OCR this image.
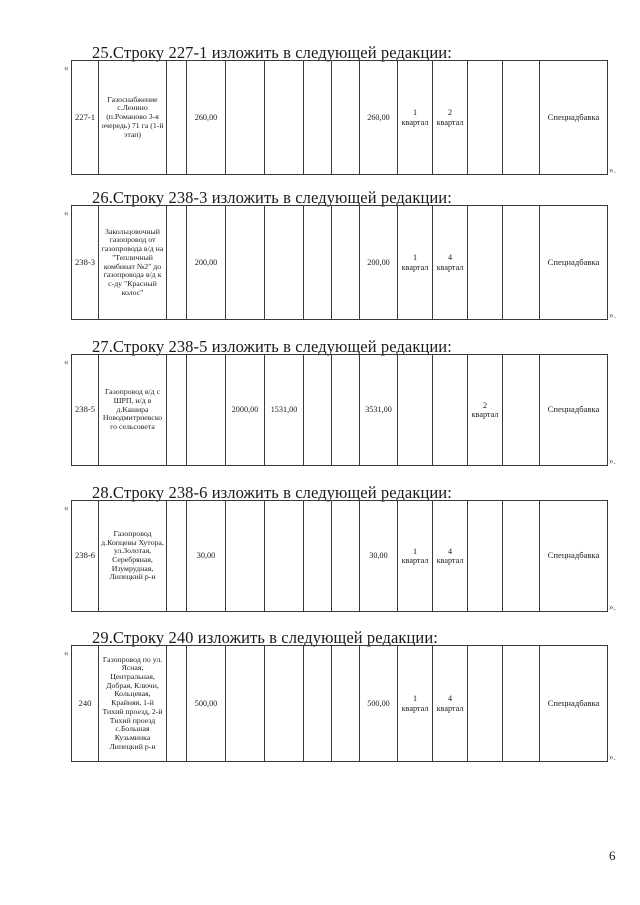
25.Строку 227-1 изложить в следующей редакции:
«
227-1	Газоснабжение с.Ленино (п.Романово 3-я очередь) 71 га (1-й этап)		260,00					260,00	1 квартал	2 квартал			Спецнадбавка
».
26.Строку 238-3 изложить в следующей редакции:
«
238-3	Закольцовочный газопровод от газопровода в/д на "Тепличный комбинат №2" до газопровода в/д к с-ду "Красный колос"		200,00					200,00	1 квартал	4 квартал			Спецнадбавка
».
27.Строку 238-5 изложить в следующей редакции:
«
238-5	Газопровод в/д с ШРП, н/д в д.Кашира Новодмитриевско го сельсовета			2000,00	1531,00			3531,00			2 квартал		Спецнадбавка
».
28.Строку 238-6 изложить в следующей редакции:
«
238-6	Газопровод д.Копцевы Хутора, ул.Золотая, Серебряная, Изумрудная, Липецкий р-н		30,00					30,00	1 квартал	4 квартал			Спецнадбавка
».
29.Строку 240 изложить в следующей редакции:
«
240	Газопровод по ул. Ясная, Центральная, Добрая, Ключи, Кольцевая, Крайняя, 1-й Тихий проезд, 2-й Тихий проезд с.Большая Кузьминка Липецкий р-н		500,00					500,00	1 квартал	4 квартал			Спецнадбавка
».
6
